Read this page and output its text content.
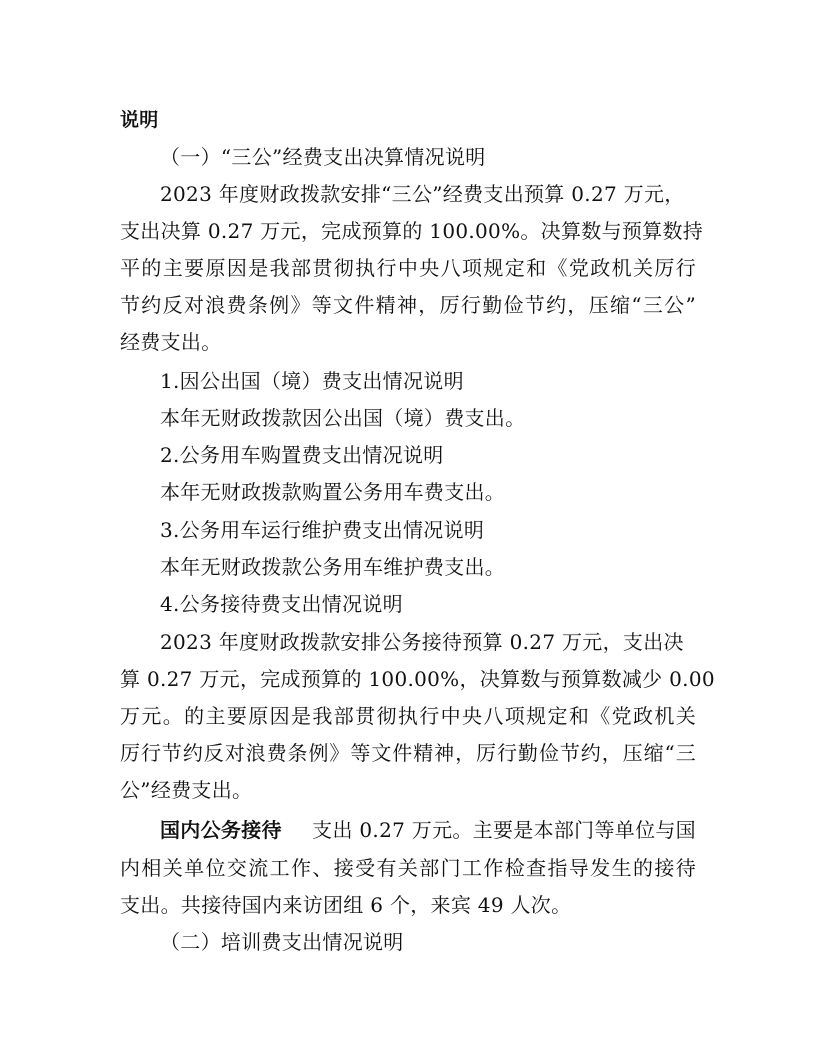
说明
（一）“三公”经费支出决算情况说明
2023 年度财政拨款安排“三公”经费支出预算 0.27 万元，
支出决算 0.27 万元，完成预算的 100.00%。决算数与预算数持
平的主要原因是我部贯彻执行中央八项规定和《党政机关厉行
节约反对浪费条例》等文件精神，厉行勤俭节约，压缩“三公”
经费支出。
1.因公出国（境）费支出情况说明
本年无财政拨款因公出国（境）费支出。
2.公务用车购置费支出情况说明
本年无财政拨款购置公务用车费支出。
3.公务用车运行维护费支出情况说明
本年无财政拨款公务用车维护费支出。
4.公务接待费支出情况说明
2023 年度财政拨款安排公务接待预算 0.27 万元，支出决
算 0.27 万元，完成预算的 100.00%，决算数与预算数减少 0.00
万元。的主要原因是我部贯彻执行中央八项规定和《党政机关
厉行节约反对浪费条例》等文件精神，厉行勤俭节约，压缩“三
公”经费支出。
国内公务接待 支出 0.27 万元。主要是本部门等单位与国
内相关单位交流工作、接受有关部门工作检查指导发生的接待
支出。共接待国内来访团组 6 个，来宾 49 人次。
（二）培训费支出情况说明
